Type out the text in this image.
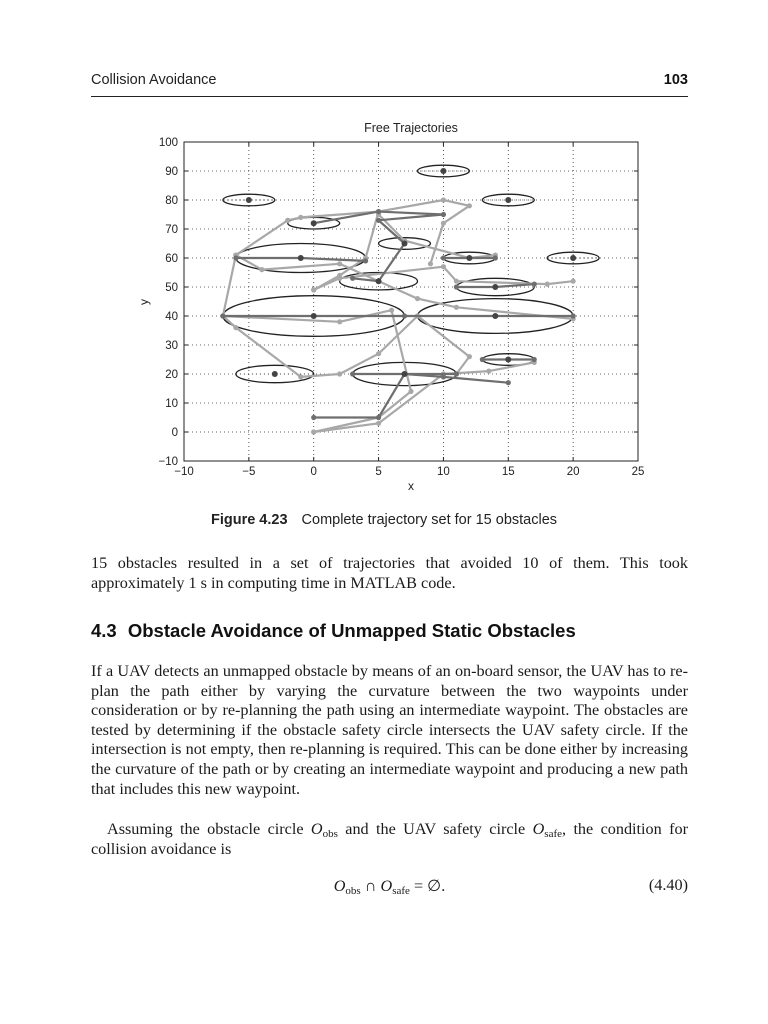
Collision Avoidance	103
Free Trajectories
−10	−5	0	5	10	15	20	25
−10
0
10
20
30
40
50
60
70
80
90
100
x
y
Figure 4.23 Complete trajectory set for 15 obstacles

15 obstacles resulted in a set of trajectories that avoided 10 of them. This took approximately 1 s in computing time in MATLAB code.

4.3 Obstacle Avoidance of Unmapped Static Obstacles

If a UAV detects an unmapped obstacle by means of an on-board sensor, the UAV has to re-plan the path either by varying the curvature between the two waypoints under consideration or by re-planning the path using an intermediate waypoint. The obstacles are tested by determining if the obstacle safety circle intersects the UAV safety circle. If the intersection is not empty, then re-planning is required. This can be done either by increasing the curvature of the path or by creating an intermediate waypoint and producing a new path that includes this new waypoint.

Assuming the obstacle circle $O_{obs}$ and the UAV safety circle $O_{safe}$, the condition for collision avoidance is

$O_{obs}$ ∩ $O_{safe}$ = ∅.	(4.40)
